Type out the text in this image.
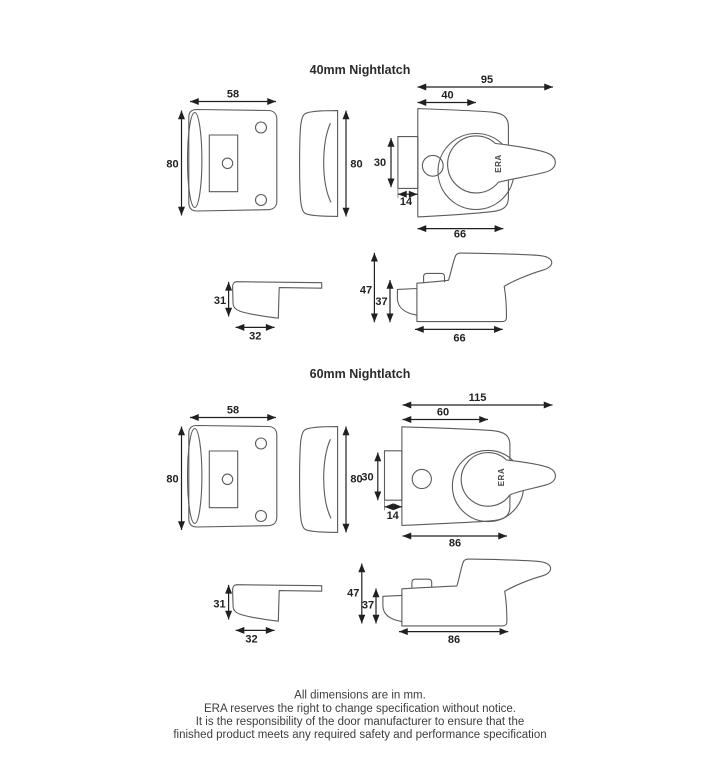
40mm Nightlatch
58
80	80	ERA
95
40
30
14
66
31
32
47
37
66
60mm Nightlatch
58
80	80	ERA
115
60
30
14
86
31
32
47
37
86
All dimensions are in mm.
ERA reserves the right to change specification without notice.
It is the responsibility of the door manufacturer to ensure that the
finished product meets any required safety and performance specification
